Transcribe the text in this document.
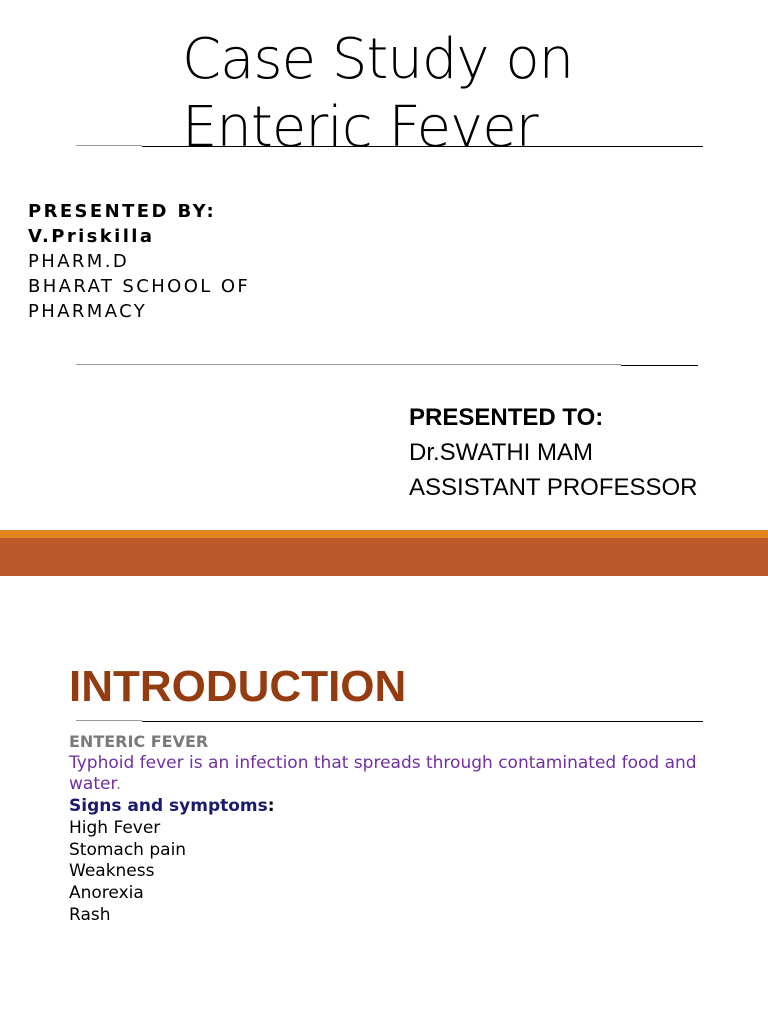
Case Study on
Enteric Fever
PRESENTED BY:
V.Priskilla
PHARM.D
BHARAT SCHOOL OF
PHARMACY
PRESENTED TO:
Dr.SWATHI MAM
ASSISTANT PROFESSOR
INTRODUCTION

ENTERIC FEVER

Typhoid fever is an infection that spreads through contaminated food and water.

Signs and symptoms:

High Fever

Stomach pain

Weakness

Anorexia

Rash
